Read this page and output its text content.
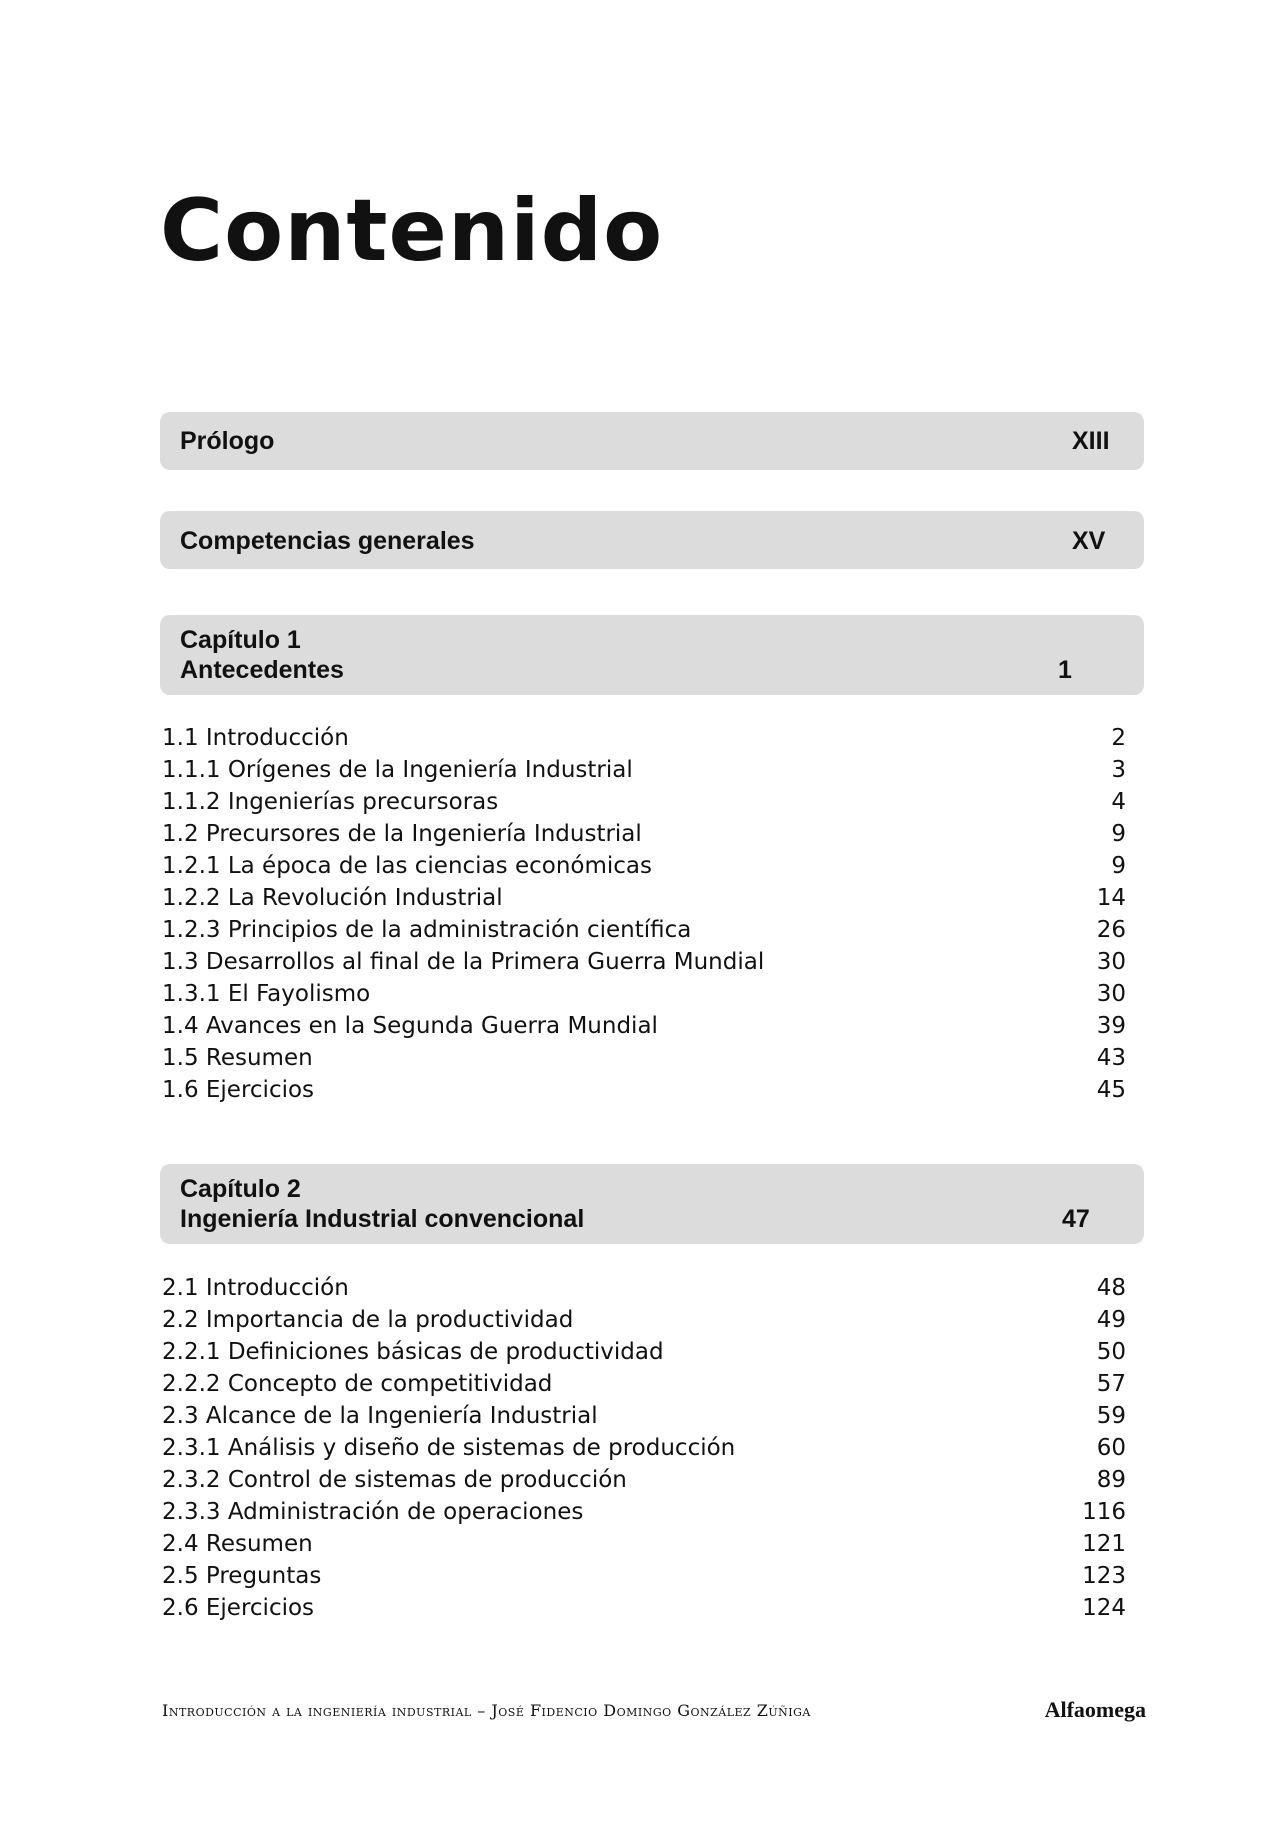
Contenido
Prólogo	XIII
Competencias generales	XV
Capítulo 1
Antecedentes	1
1.1 Introducción	2
1.1.1 Orígenes de la Ingeniería Industrial	3
1.1.2 Ingenierías precursoras	4
1.2 Precursores de la Ingeniería Industrial	9
1.2.1 La época de las ciencias económicas	9
1.2.2 La Revolución Industrial	14
1.2.3 Principios de la administración científica	26
1.3 Desarrollos al final de la Primera Guerra Mundial	30
1.3.1 El Fayolismo	30
1.4 Avances en la Segunda Guerra Mundial	39
1.5 Resumen	43
1.6 Ejercicios	45
Capítulo 2
Ingeniería Industrial convencional	47
2.1 Introducción	48
2.2 Importancia de la productividad	49
2.2.1 Definiciones básicas de productividad	50
2.2.2 Concepto de competitividad	57
2.3 Alcance de la Ingeniería Industrial	59
2.3.1 Análisis y diseño de sistemas de producción	60
2.3.2 Control de sistemas de producción	89
2.3.3 Administración de operaciones	116
2.4 Resumen	121
2.5 Preguntas	123
2.6 Ejercicios	124
Introducción a la ingeniería industrial – José Fidencio Domingo González Zúñiga	Alfaomega
